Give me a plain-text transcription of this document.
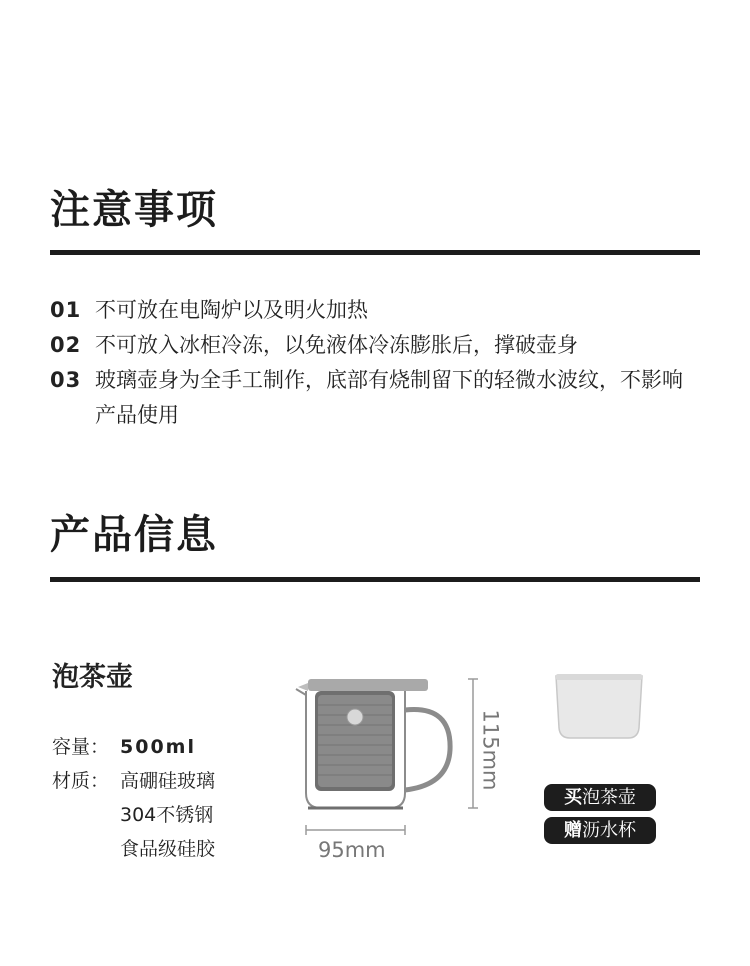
注意事项
01 不可放在电陶炉以及明火加热
02 不可放入冰柜冷冻，以免液体冷冻膨胀后，撑破壶身
03 玻璃壶身为全手工制作，底部有烧制留下的轻微水波纹，不影响产品使用
产品信息
泡茶壶
容量： 500ml
材质： 高硼硅玻璃
304不锈钢
食品级硅胶	95mm
115mm
买泡茶壶
赠沥水杯
